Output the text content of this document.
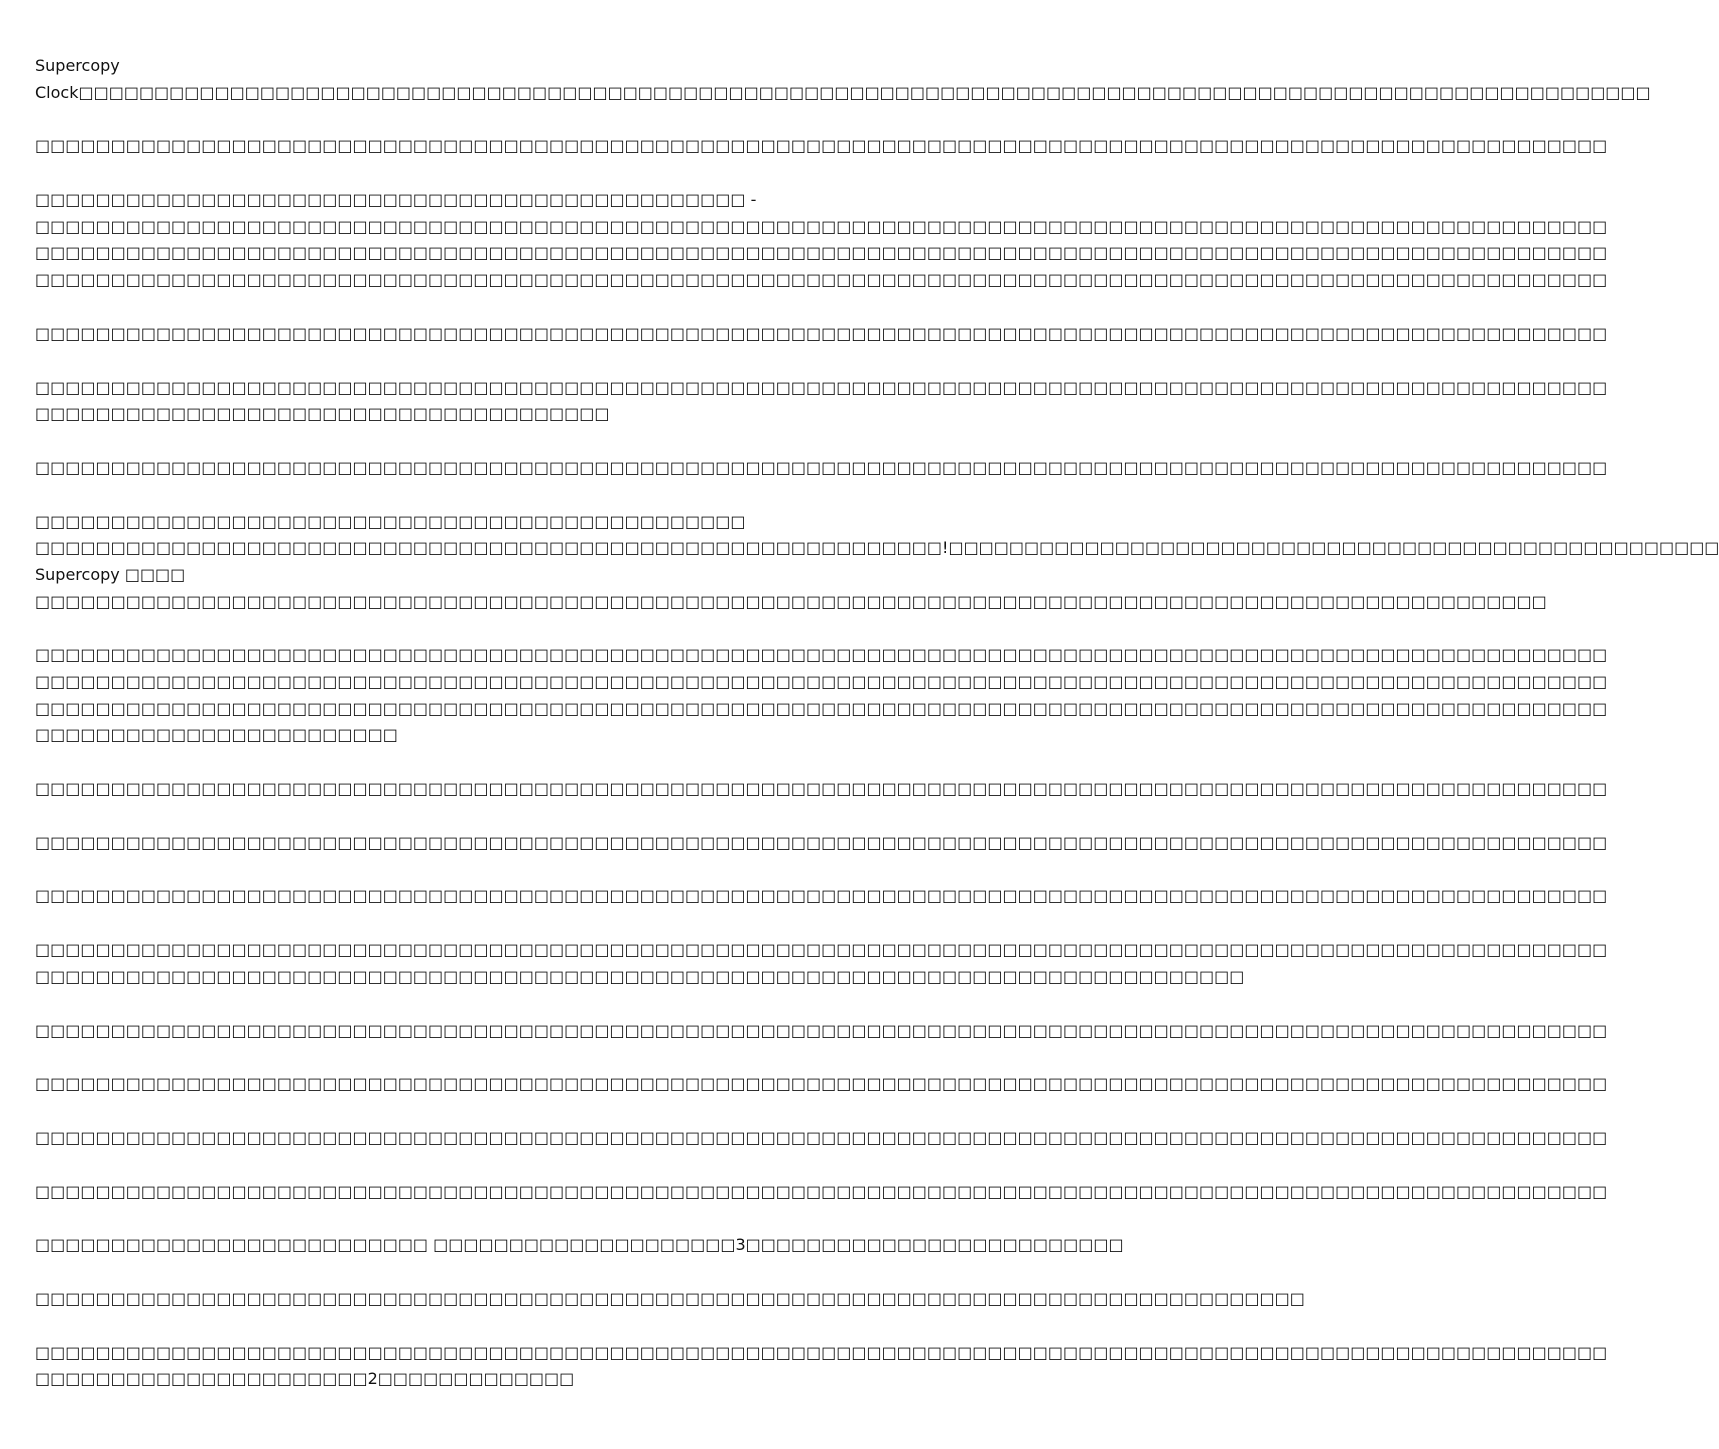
Supercopy
Clock□□□□□□□□□□□□□□□□□□□□□□□□□□□□□□□□□□□□□□□□□□□□□□□□□□□□□□□□□□□□□□□□□□□□□□□□□□□□□□□□□□□□□□□□□□□□□□□□□□□□□□□□

□□□□□□□□□□□□□□□□□□□□□□□□□□□□□□□□□□□□□□□□□□□□□□□□□□□□□□□□□□□□□□□□□□□□□□□□□□□□□□□□□□□□□□□□□□□□□□□□□□□□□□□□

□□□□□□□□□□□□□□□□□□□□□□□□□□□□□□□□□□□□□□□□□□□□□□□ -
□□□□□□□□□□□□□□□□□□□□□□□□□□□□□□□□□□□□□□□□□□□□□□□□□□□□□□□□□□□□□□□□□□□□□□□□□□□□□□□□□□□□□□□□□□□□□□□□□□□□□□□□
□□□□□□□□□□□□□□□□□□□□□□□□□□□□□□□□□□□□□□□□□□□□□□□□□□□□□□□□□□□□□□□□□□□□□□□□□□□□□□□□□□□□□□□□□□□□□□□□□□□□□□□□
□□□□□□□□□□□□□□□□□□□□□□□□□□□□□□□□□□□□□□□□□□□□□□□□□□□□□□□□□□□□□□□□□□□□□□□□□□□□□□□□□□□□□□□□□□□□□□□□□□□□□□□□

□□□□□□□□□□□□□□□□□□□□□□□□□□□□□□□□□□□□□□□□□□□□□□□□□□□□□□□□□□□□□□□□□□□□□□□□□□□□□□□□□□□□□□□□□□□□□□□□□□□□□□□□

□□□□□□□□□□□□□□□□□□□□□□□□□□□□□□□□□□□□□□□□□□□□□□□□□□□□□□□□□□□□□□□□□□□□□□□□□□□□□□□□□□□□□□□□□□□□□□□□□□□□□□□□
□□□□□□□□□□□□□□□□□□□□□□□□□□□□□□□□□□□□□□

□□□□□□□□□□□□□□□□□□□□□□□□□□□□□□□□□□□□□□□□□□□□□□□□□□□□□□□□□□□□□□□□□□□□□□□□□□□□□□□□□□□□□□□□□□□□□□□□□□□□□□□□

□□□□□□□□□□□□□□□□□□□□□□□□□□□□□□□□□□□□□□□□□□□□□□□
□□□□□□□□□□□□□□□□□□□□□□□□□□□□□□□□□□□□□□□□□□□□□□□□□□□□□□□□□□□□!□□□□□□□□□□□□□□□□□□□□□□□□□□□□□□□□□□□□□□□□□□□□□□□□□□□
Supercopy □□□□
□□□□□□□□□□□□□□□□□□□□□□□□□□□□□□□□□□□□□□□□□□□□□□□□□□□□□□□□□□□□□□□□□□□□□□□□□□□□□□□□□□□□□□□□□□□□□□□□□□□□

□□□□□□□□□□□□□□□□□□□□□□□□□□□□□□□□□□□□□□□□□□□□□□□□□□□□□□□□□□□□□□□□□□□□□□□□□□□□□□□□□□□□□□□□□□□□□□□□□□□□□□□□
□□□□□□□□□□□□□□□□□□□□□□□□□□□□□□□□□□□□□□□□□□□□□□□□□□□□□□□□□□□□□□□□□□□□□□□□□□□□□□□□□□□□□□□□□□□□□□□□□□□□□□□□
□□□□□□□□□□□□□□□□□□□□□□□□□□□□□□□□□□□□□□□□□□□□□□□□□□□□□□□□□□□□□□□□□□□□□□□□□□□□□□□□□□□□□□□□□□□□□□□□□□□□□□□□
□□□□□□□□□□□□□□□□□□□□□□□□

□□□□□□□□□□□□□□□□□□□□□□□□□□□□□□□□□□□□□□□□□□□□□□□□□□□□□□□□□□□□□□□□□□□□□□□□□□□□□□□□□□□□□□□□□□□□□□□□□□□□□□□□

□□□□□□□□□□□□□□□□□□□□□□□□□□□□□□□□□□□□□□□□□□□□□□□□□□□□□□□□□□□□□□□□□□□□□□□□□□□□□□□□□□□□□□□□□□□□□□□□□□□□□□□□

□□□□□□□□□□□□□□□□□□□□□□□□□□□□□□□□□□□□□□□□□□□□□□□□□□□□□□□□□□□□□□□□□□□□□□□□□□□□□□□□□□□□□□□□□□□□□□□□□□□□□□□□

□□□□□□□□□□□□□□□□□□□□□□□□□□□□□□□□□□□□□□□□□□□□□□□□□□□□□□□□□□□□□□□□□□□□□□□□□□□□□□□□□□□□□□□□□□□□□□□□□□□□□□□□
□□□□□□□□□□□□□□□□□□□□□□□□□□□□□□□□□□□□□□□□□□□□□□□□□□□□□□□□□□□□□□□□□□□□□□□□□□□□□□□□

□□□□□□□□□□□□□□□□□□□□□□□□□□□□□□□□□□□□□□□□□□□□□□□□□□□□□□□□□□□□□□□□□□□□□□□□□□□□□□□□□□□□□□□□□□□□□□□□□□□□□□□□

□□□□□□□□□□□□□□□□□□□□□□□□□□□□□□□□□□□□□□□□□□□□□□□□□□□□□□□□□□□□□□□□□□□□□□□□□□□□□□□□□□□□□□□□□□□□□□□□□□□□□□□□

□□□□□□□□□□□□□□□□□□□□□□□□□□□□□□□□□□□□□□□□□□□□□□□□□□□□□□□□□□□□□□□□□□□□□□□□□□□□□□□□□□□□□□□□□□□□□□□□□□□□□□□□

□□□□□□□□□□□□□□□□□□□□□□□□□□□□□□□□□□□□□□□□□□□□□□□□□□□□□□□□□□□□□□□□□□□□□□□□□□□□□□□□□□□□□□□□□□□□□□□□□□□□□□□□

□□□□□□□□□□□□□□□□□□□□□□□□□□ □□□□□□□□□□□□□□□□□□□□3□□□□□□□□□□□□□□□□□□□□□□□□□

□□□□□□□□□□□□□□□□□□□□□□□□□□□□□□□□□□□□□□□□□□□□□□□□□□□□□□□□□□□□□□□□□□□□□□□□□□□□□□□□□□□□

□□□□□□□□□□□□□□□□□□□□□□□□□□□□□□□□□□□□□□□□□□□□□□□□□□□□□□□□□□□□□□□□□□□□□□□□□□□□□□□□□□□□□□□□□□□□□□□□□□□□□□□□
□□□□□□□□□□□□□□□□□□□□□□2□□□□□□□□□□□□□
